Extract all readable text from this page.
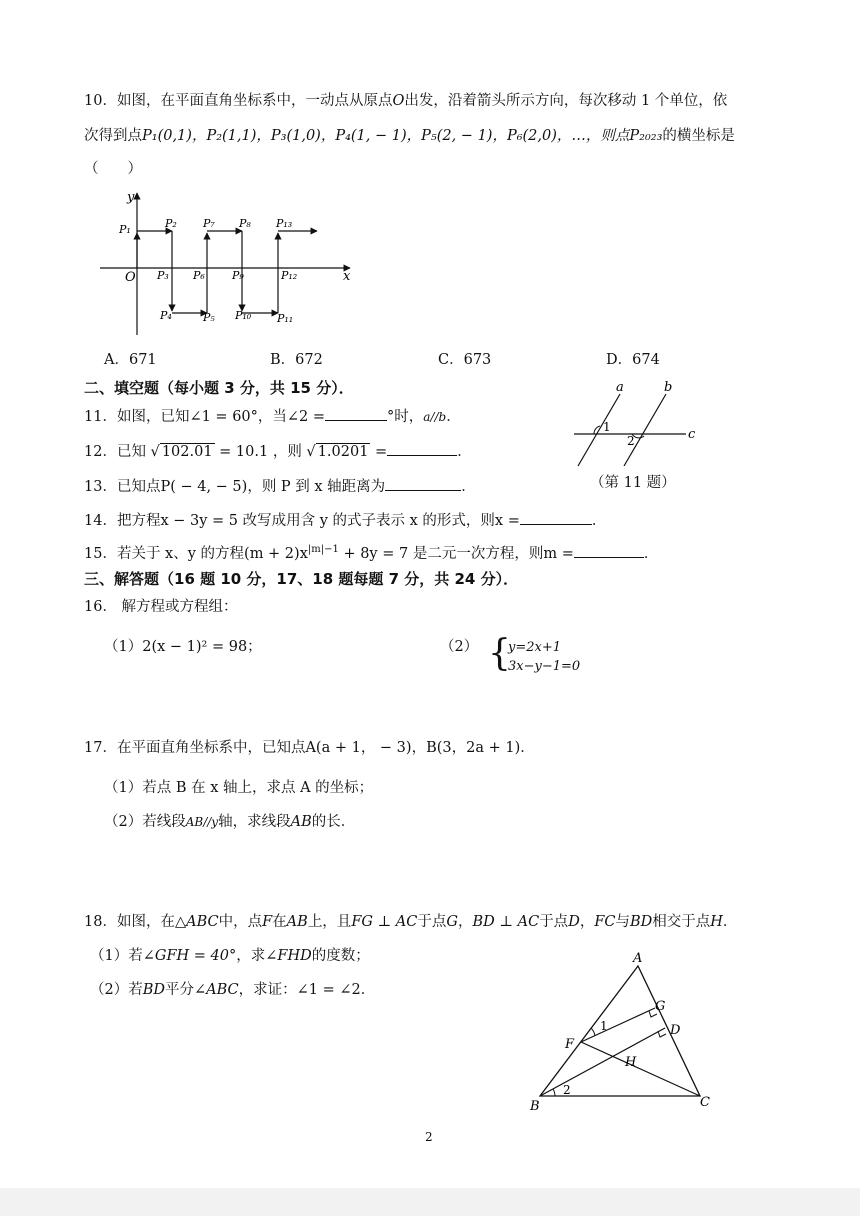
10．如图，在平面直角坐标系中，一动点从原点O出发，沿着箭头所示方向，每次移动 1 个单位，依
次得到点P₁(0,1)，P₂(1,1)，P₃(1,0)，P₄(1, − 1)，P₅(2, − 1)，P₆(2,0)，…，则点P₂₀₂₃的横坐标是
（　　）
y
x
O
P₁	P₂
P₃
P₄	P₅
P₆
P₇ P₈
P₉
P₁₀ P₁₁
P₁₂
P₁₃
A．671	B．672	C．673	D．674
二、填空题（每小题 3 分，共 15 分）．
11．如图，已知∠1 = 60°，当∠2 =	°时，a//b．
12．已知 √ 102.01 = 10.1 ，则 √ 1.0201 =	．
13．已知点P( − 4, − 5)，则 P 到 x 轴距离为	．
14．把方程x − 3y = 5 改写成用含 y 的式子表示 x 的形式，则x =	．
15．若关于 x、y 的方程$(m + 2)x^{|m|-1} + 8y = 7$ 是二元一次方程，则m =	．
a	b
c
1
2
（第 11 题）
三、解答题（16 题 10 分，17、18 题每题 7 分，共 24 分）．
16． 解方程或方程组：
（1）2(x − 1)² = 98；	（2） {
y=2x+1
3x−y−1=0
17．在平面直角坐标系中，已知点A(a + 1， − 3)，B(3，2a + 1)．
（1）若点 B 在 x 轴上，求点 A 的坐标；
（2）若线段AB//y轴，求线段AB的长．
18．如图，在△ABC中，点F在AB上，且FG ⊥ AC于点G，BD ⊥ AC于点D，FC与BD相交于点H．
（1）若∠GFH = 40°，求∠FHD的度数；
（2）若BD平分∠ABC，求证：∠1 = ∠2．
A
B	C
D
F
G
H
1
2
2
